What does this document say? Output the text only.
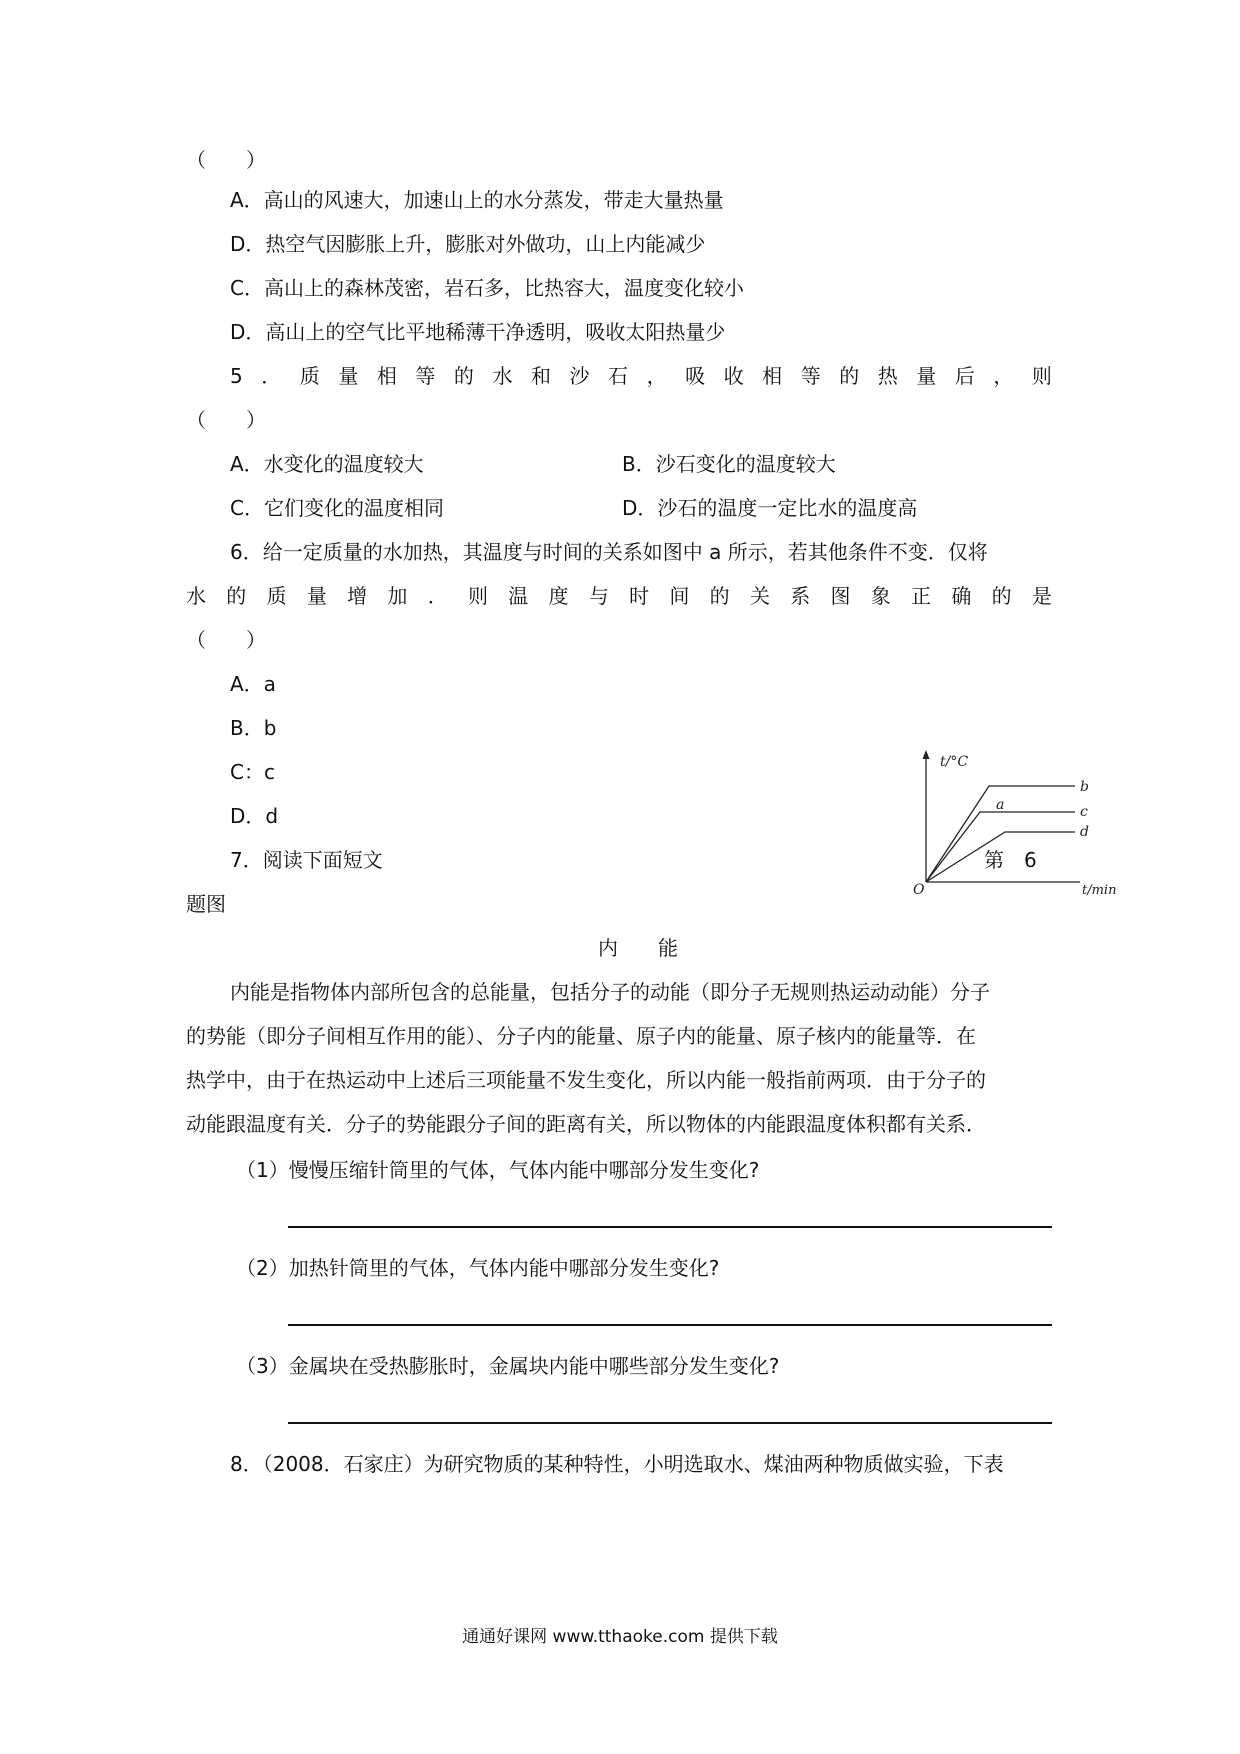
（　　）
A．高山的风速大，加速山上的水分蒸发，带走大量热量
D．热空气因膨胀上升，膨胀对外做功，山上内能减少
C．高山上的森林茂密，岩石多，比热容大，温度变化较小
D．高山上的空气比平地稀薄干净透明，吸收太阳热量少
5 ． 质 量 相 等 的 水 和 沙 石 ， 吸 收 相 等 的 热 量 后 ， 则
（　　）
A．水变化的温度较大	B．沙石变化的温度较大
C．它们变化的温度相同	D．沙石的温度一定比水的温度高
6．给一定质量的水加热，其温度与时间的关系如图中 a 所示，若其他条件不变．仅将
水 的 质 量 增 加 ． 则 温 度 与 时 间 的 关 系 图 象 正 确 的 是
（　　）
A．a
B．b
C：c
D．d
t/°C
t/min
O
a
b
c
d
7．阅读下面短文	第　6
题图
内　　能
内能是指物体内部所包含的总能量，包括分子的动能（即分子无规则热运动动能）分子
的势能（即分子间相互作用的能）、分子内的能量、原子内的能量、原子核内的能量等．在
热学中，由于在热运动中上述后三项能量不发生变化，所以内能一般指前两项．由于分子的
动能跟温度有关．分子的势能跟分子间的距离有关，所以物体的内能跟温度体积都有关系．
（1）慢慢压缩针筒里的气体，气体内能中哪部分发生变化?
（2）加热针筒里的气体，气体内能中哪部分发生变化?
（3）金属块在受热膨胀时，金属块内能中哪些部分发生变化?
8．（2008．石家庄）为研究物质的某种特性，小明选取水、煤油两种物质做实验，下表
通通好课网 www.tthaoke.com 提供下载
